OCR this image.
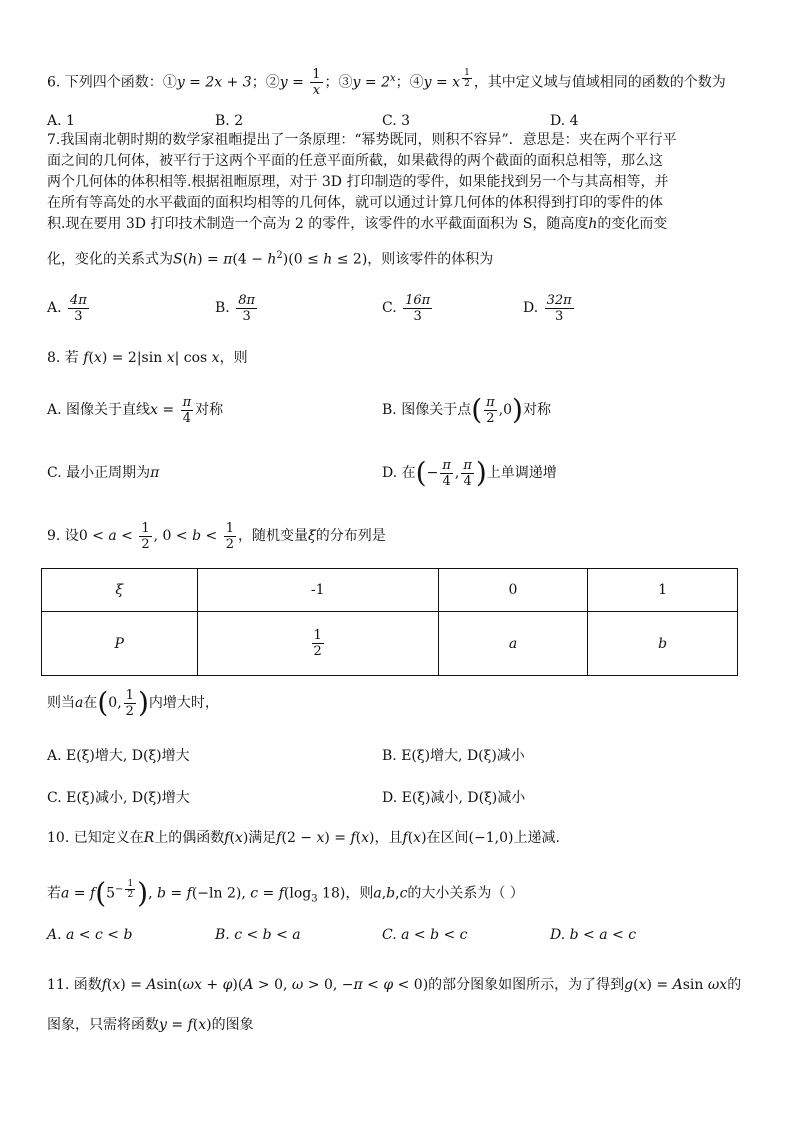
6. 下列四个函数：①y = 2x + 3；②y = $\frac{1}{x}$ ；③y = $2^x$；④y = x $^{\frac{1}{2}}$ ，其中定义域与值域相同的函数的个数为
A. 1	B. 2	C. 3	D. 4
7.我国南北朝时期的数学家祖暅提出了一条原理：“幂势既同，则积不容异”．意思是：夹在两个平行平
面之间的几何体，被平行于这两个平面的任意平面所截，如果截得的两个截面的面积总相等，那么这
两个几何体的体积相等.根据祖暅原理，对于 3D 打印制造的零件，如果能找到另一个与其高相等，并
在所有等高处的水平截面的面积均相等的几何体，就可以通过计算几何体的体积得到打印的零件的体
积.现在要用 3D 打印技术制造一个高为 2 的零件，该零件的水平截面面积为 S，随高度h的变化而变
化，变化的关系式为$S(h) = \pi(4 - h^2)(0 \le h \le 2)$，则该零件的体积为
A. $\frac{4\pi}{3}$	B. $\frac{8\pi}{3}$	C. $\frac{16\pi}{3}$	D. $\frac{32\pi}{3}$
8. 若 f(x) = 2|sin x| cos x，则
A. 图像关于直线$x = \frac{\pi}{4}$ 对称	B. 图像关于点( $\frac{\pi}{2} ,0$)对称
C. 最小正周期为π	D. 在(− $\frac{\pi}{4}$ , $\frac{\pi}{4}$ )上单调递增
9. 设$0 < a < \frac{1}{2}$ , $0 < b < \frac{1}{2}$ ，随机变量ξ的分布列是
ξ	-1	0	1
P	$\frac{1}{2}$	a	b
则当a在(0, $\frac{1}{2}$ )内增大时，
A. E(ξ)增大, D(ξ)增大	B. E(ξ)增大, D(ξ)减小
C. E(ξ)减小, D(ξ)增大	D. E(ξ)减小, D(ξ)减小
10. 已知定义在R上的偶函数f(x)满足f(2 − x) = f(x)，且f(x)在区间(−1,0)上递减.
若$a = f(5^{- \frac{1}{2}}$ ), b = f(−ln 2), $c = f(\log_3$ 18)，则a,b,c的大小关系为（ ）
A. a < c < b	B. c < b < a	C. a < b < c	D. b < a < c
11. 函数f(x) = Asin(ωx + φ)(A > 0, ω > 0, −π < φ < 0)的部分图象如图所示，为了得到g(x) = Asin ωx的
图象，只需将函数y = f(x)的图象
